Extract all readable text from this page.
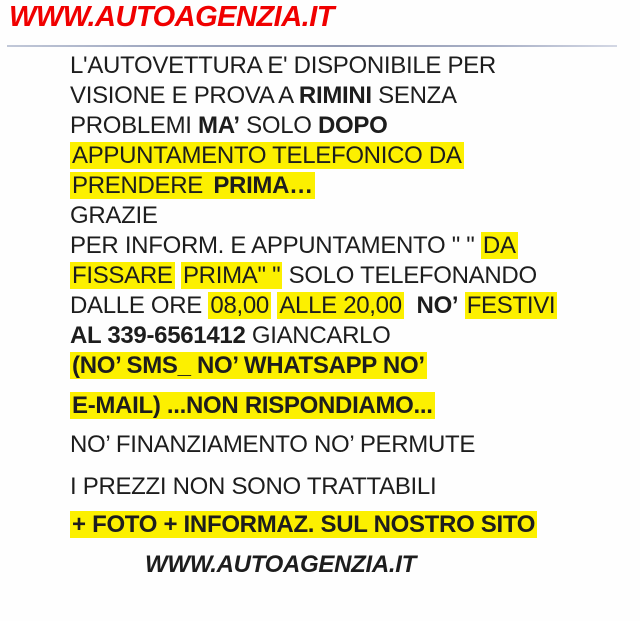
WWW.AUTOAGENZIA.IT
L'AUTOVETTURA E' DISPONIBILE PER
VISIONE E PROVA A RIMINI SENZA
PROBLEMI MA’ SOLO DOPO
APPUNTAMENTO TELEFONICO DA
PRENDERE PRIMA…
GRAZIE
PER INFORM. E APPUNTAMENTO " " DA
FISSARE PRIMA" " SOLO TELEFONANDO
DALLE ORE 08,00 ALLE 20,00 NO’ FESTIVI
AL 339-6561412 GIANCARLO
(NO’ SMS_ NO’ WHATSAPP NO’
E-MAIL) ...NON RISPONDIAMO...
NO’ FINANZIAMENTO NO’ PERMUTE
I PREZZI NON SONO TRATTABILI
+ FOTO + INFORMAZ. SUL NOSTRO SITO
WWW.AUTOAGENZIA.IT
